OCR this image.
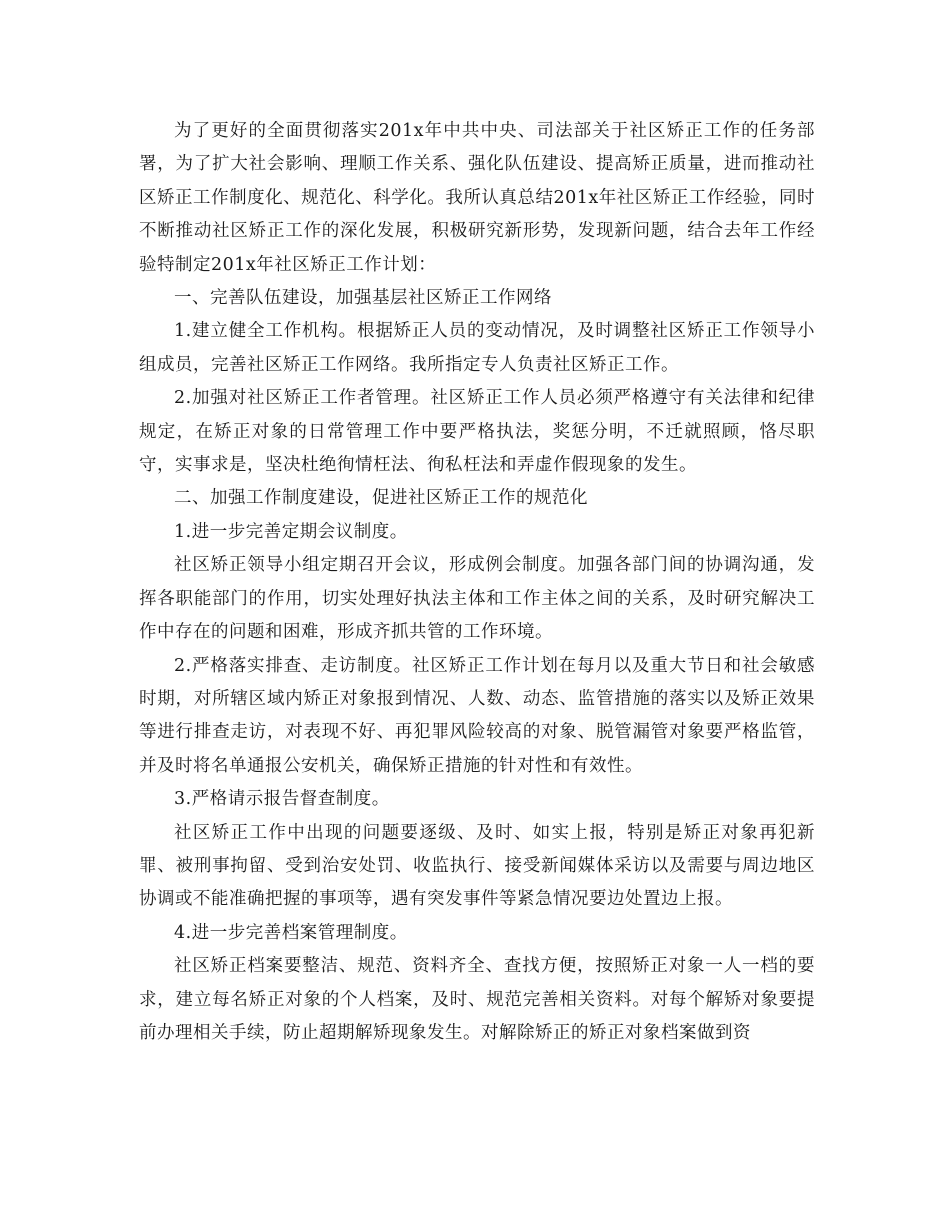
为了更好的全面贯彻落实201x年中共中央、司法部关于社区矫正工作的任务部署，为了扩大社会影响、理顺工作关系、强化队伍建设、提高矫正质量，进而推动社区矫正工作制度化、规范化、科学化。我所认真总结201x年社区矫正工作经验，同时不断推动社区矫正工作的深化发展，积极研究新形势，发现新问题，结合去年工作经验特制定201x年社区矫正工作计划：

一、完善队伍建设，加强基层社区矫正工作网络

1.建立健全工作机构。根据矫正人员的变动情况，及时调整社区矫正工作领导小组成员，完善社区矫正工作网络。我所指定专人负责社区矫正工作。

2.加强对社区矫正工作者管理。社区矫正工作人员必须严格遵守有关法律和纪律规定，在矫正对象的日常管理工作中要严格执法，奖惩分明，不迁就照顾，恪尽职守，实事求是，坚决杜绝徇情枉法、徇私枉法和弄虚作假现象的发生。

二、加强工作制度建设，促进社区矫正工作的规范化

1.进一步完善定期会议制度。

社区矫正领导小组定期召开会议，形成例会制度。加强各部门间的协调沟通，发挥各职能部门的作用，切实处理好执法主体和工作主体之间的关系，及时研究解决工作中存在的问题和困难，形成齐抓共管的工作环境。

2.严格落实排查、走访制度。社区矫正工作计划在每月以及重大节日和社会敏感时期，对所辖区域内矫正对象报到情况、人数、动态、监管措施的落实以及矫正效果等进行排查走访，对表现不好、再犯罪风险较高的对象、脱管漏管对象要严格监管，并及时将名单通报公安机关，确保矫正措施的针对性和有效性。

3.严格请示报告督查制度。

社区矫正工作中出现的问题要逐级、及时、如实上报，特别是矫正对象再犯新罪、被刑事拘留、受到治安处罚、收监执行、接受新闻媒体采访以及需要与周边地区协调或不能准确把握的事项等，遇有突发事件等紧急情况要边处置边上报。

4.进一步完善档案管理制度。

社区矫正档案要整洁、规范、资料齐全、查找方便，按照矫正对象一人一档的要求，建立每名矫正对象的个人档案，及时、规范完善相关资料。对每个解矫对象要提前办理相关手续，防止超期解矫现象发生。对解除矫正的矫正对象档案做到资
